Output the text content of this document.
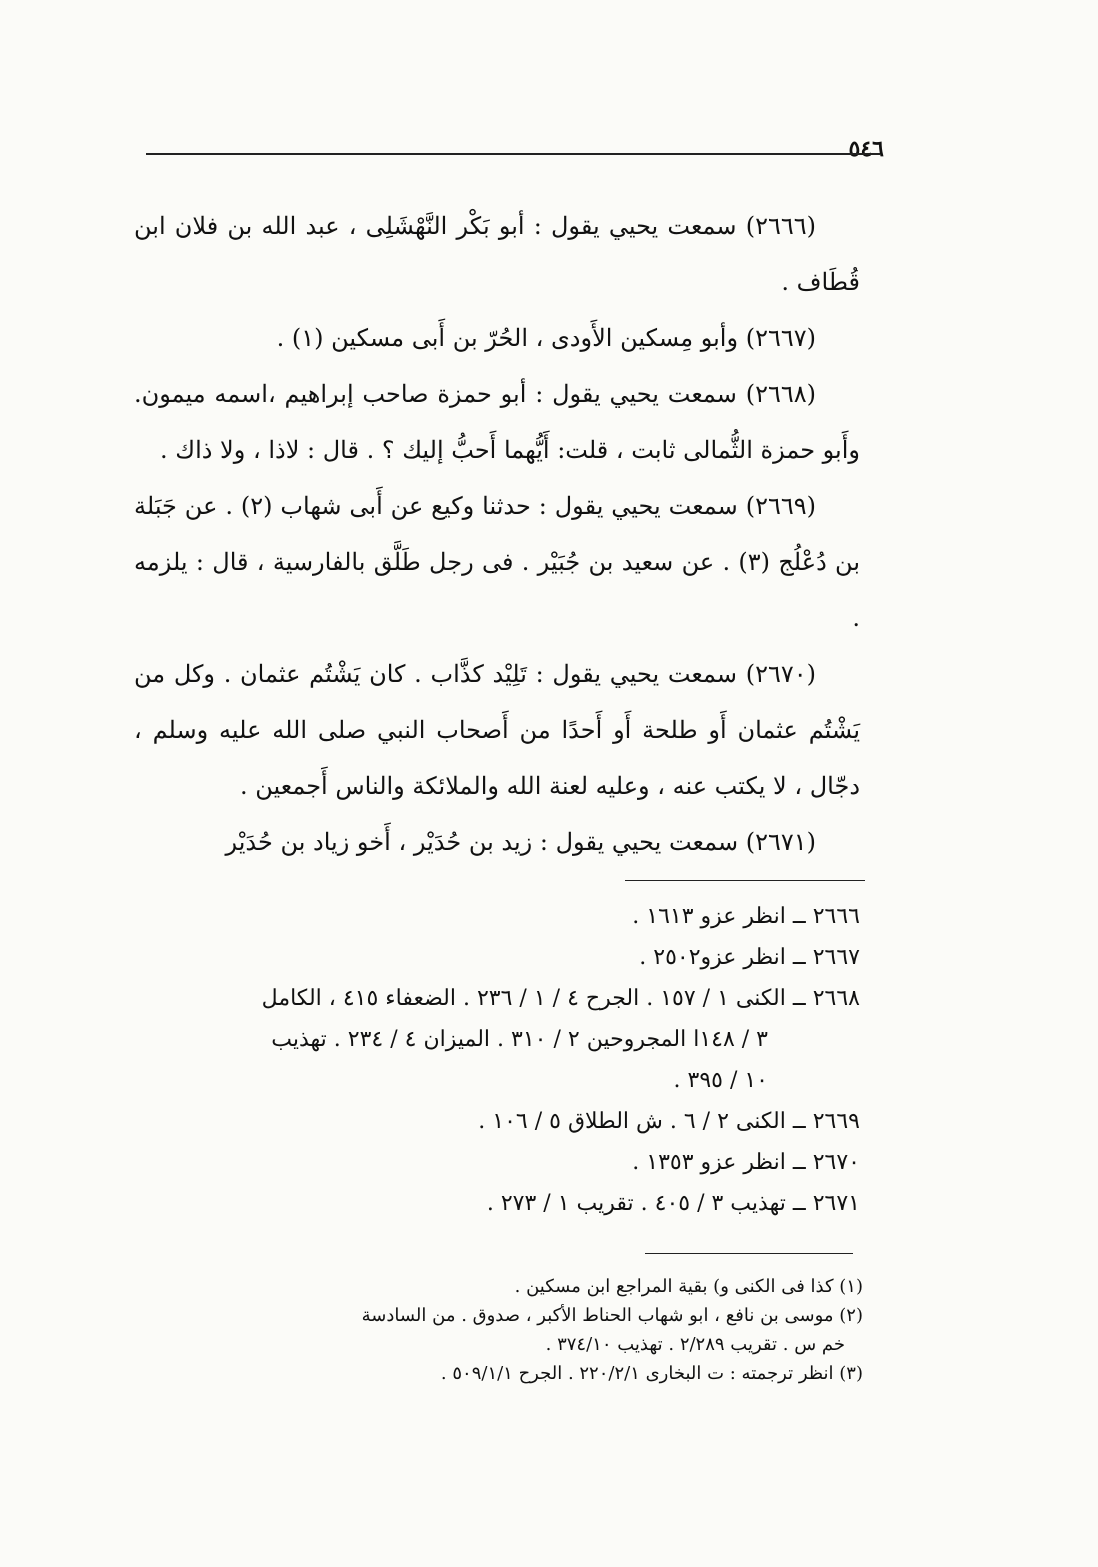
٥٤٦

(٢٦٦٦) سمعت يحيي يقول : أبو بَكْر النَّهْشَلِى ، عبد الله بن فلان ابن قُطَاف .

(٢٦٦٧) وأبو مِسكين الأَودى ، الحُرّ بن أَبى مسكين (١) .

(٢٦٦٨) سمعت يحيي يقول : أبو حمزة صاحب إبراهيم ،اسمه ميمون. وأَبو حمزة الثُّمالى ثابت ، قلت: أَيُّهما أَحبُّ إليك ؟ . قال : لاذا ، ولا ذاك .

(٢٦٦٩) سمعت يحيي يقول : حدثنا وكيع عن أَبى شهاب (٢) . عن جَبَلة بن دُعْلُج (٣) . عن سعيد بن جُبَيْر . فى رجل طَلَّق بالفارسية ، قال : يلزمه .

(٢٦٧٠) سمعت يحيي يقول : تَلِيْد كذَّاب . كان يَشْتُم عثمان . وكل من يَشْتُم عثمان أَو طلحة أَو أَحدًا من أَصحاب النبي صلى الله عليه وسلم ، دجّال ، لا يكتب عنه ، وعليه لعنة الله والملائكة والناس أَجمعين .

(٢٦٧١) سمعت يحيي يقول : زيد بن حُدَيْر ، أَخو زياد بن حُدَيْر

٢٦٦٦ ــ انظر عزو ١٦١٣ .

٢٦٦٧ ــ انظر عزو٢٥٠٢ .

٢٦٦٨ ــ الكنى ١ / ١٥٧ . الجرح ٤ / ١ / ٢٣٦ . الضعفاء ٤١٥ ، الكامل

٣ / ١٤٨ا المجروحين ٢ / ٣١٠ . الميزان ٤ / ٢٣٤ . تهذيب

١٠ / ٣٩٥ .

٢٦٦٩ ــ الكنى ٢ / ٦ . ش الطلاق ٥ / ١٠٦ .

٢٦٧٠ ــ انظر عزو ١٣٥٣ .

٢٦٧١ ــ تهذيب ٣ / ٤٠٥ . تقريب ١ / ٢٧٣ .

(١) كذا فى الكنى و) بقية المراجع ابن مسكين .

(٢) موسى بن نافع ، ابو شهاب الحناط الأكبر ، صدوق . من السادسة

خم س . تقريب ٢/٢٨٩ . تهذيب ٣٧٤/١٠ .

(٣) انظر ترجمته : ت البخارى ٢٢٠/٢/١ . الجرح ٥٠٩/١/١ .
